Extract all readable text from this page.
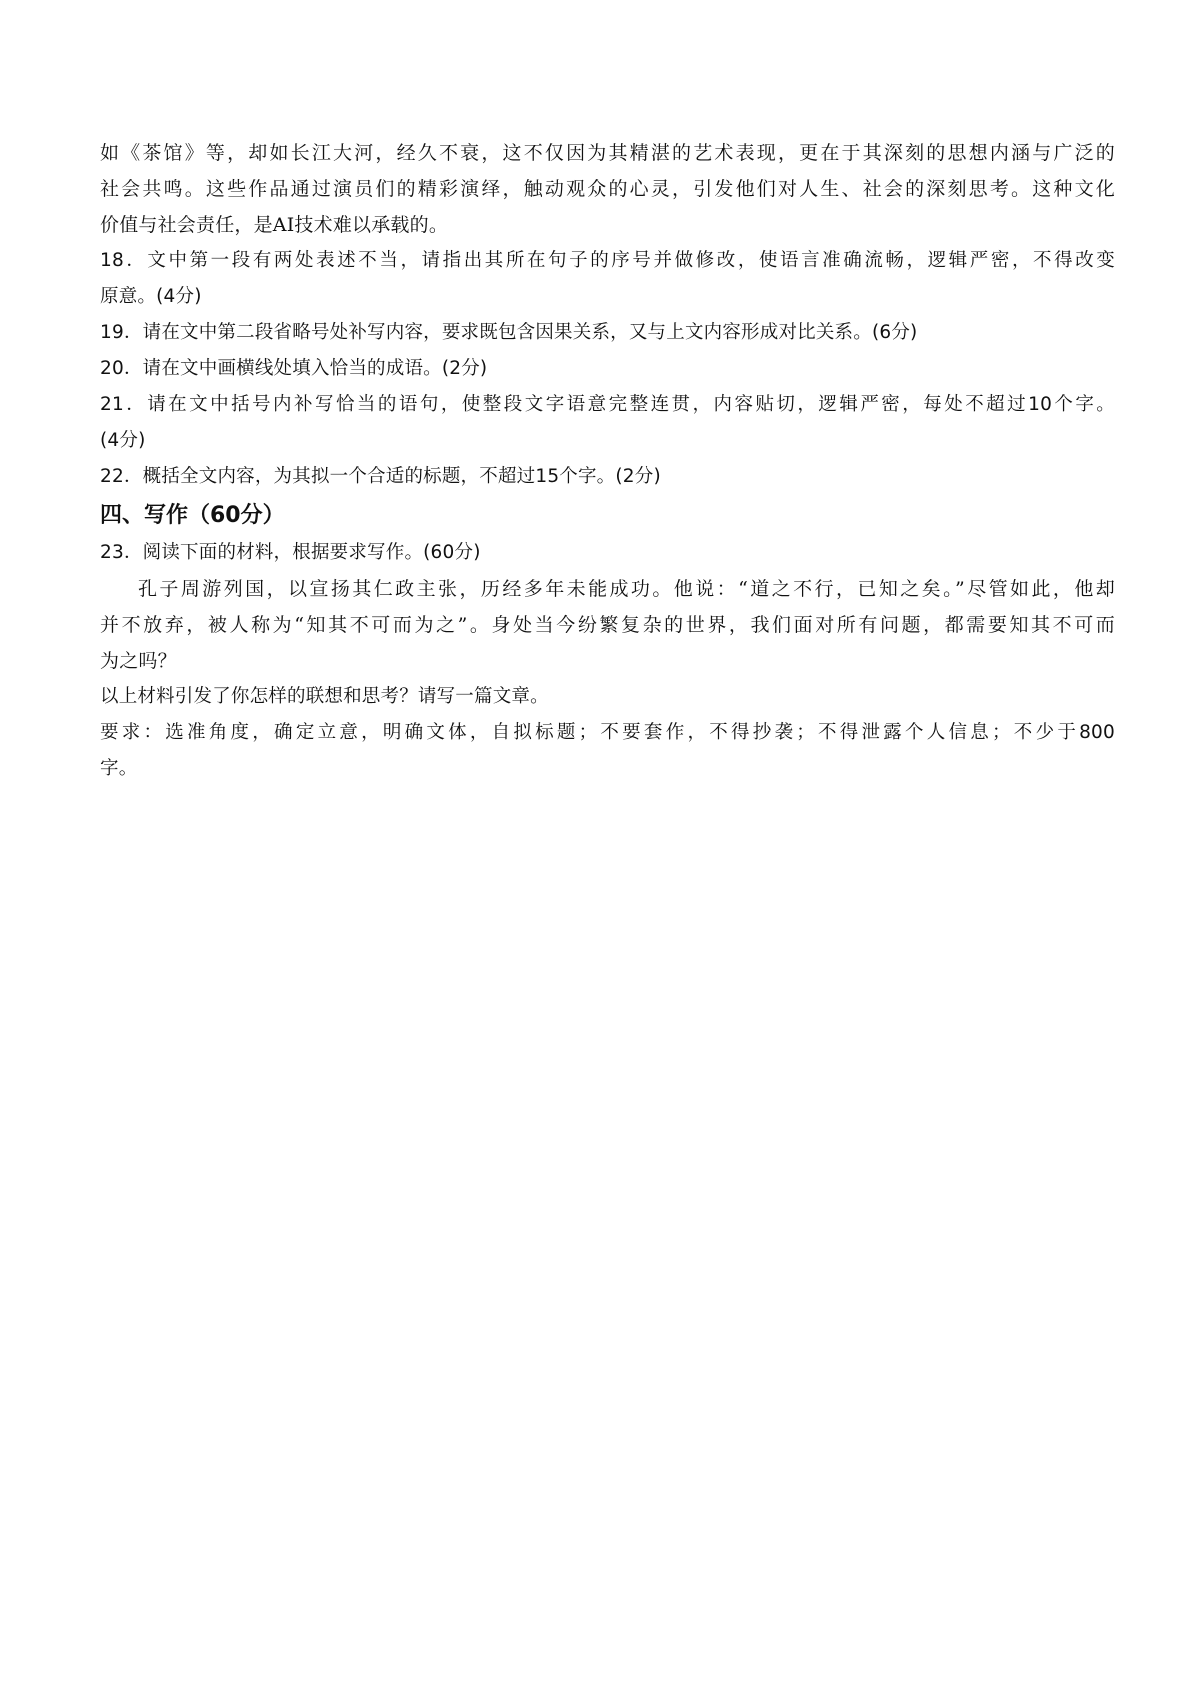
如《茶馆》等，却如长江大河，经久不衰，这不仅因为其精湛的艺术表现，更在于其深刻的思想内涵与广泛的
社会共鸣。这些作品通过演员们的精彩演绎，触动观众的心灵，引发他们对人生、社会的深刻思考。这种文化
价值与社会责任，是AI技术难以承载的。
18．文中第一段有两处表述不当，请指出其所在句子的序号并做修改，使语言准确流畅，逻辑严密，不得改变
原意。(4分)
19．请在文中第二段省略号处补写内容，要求既包含因果关系，又与上文内容形成对比关系。(6分)
20．请在文中画横线处填入恰当的成语。(2分)
21．请在文中括号内补写恰当的语句，使整段文字语意完整连贯，内容贴切，逻辑严密，每处不超过10个字。
(4分)
22．概括全文内容，为其拟一个合适的标题，不超过15个字。(2分)
四、写作（60分）
23．阅读下面的材料，根据要求写作。(60分)
孔子周游列国，以宣扬其仁政主张，历经多年未能成功。他说：“道之不行，已知之矣。”尽管如此，他却
并不放弃，被人称为“知其不可而为之”。身处当今纷繁复杂的世界，我们面对所有问题，都需要知其不可而
为之吗？
以上材料引发了你怎样的联想和思考？请写一篇文章。
要求：选准角度，确定立意，明确文体，自拟标题；不要套作，不得抄袭；不得泄露个人信息；不少于800
字。
